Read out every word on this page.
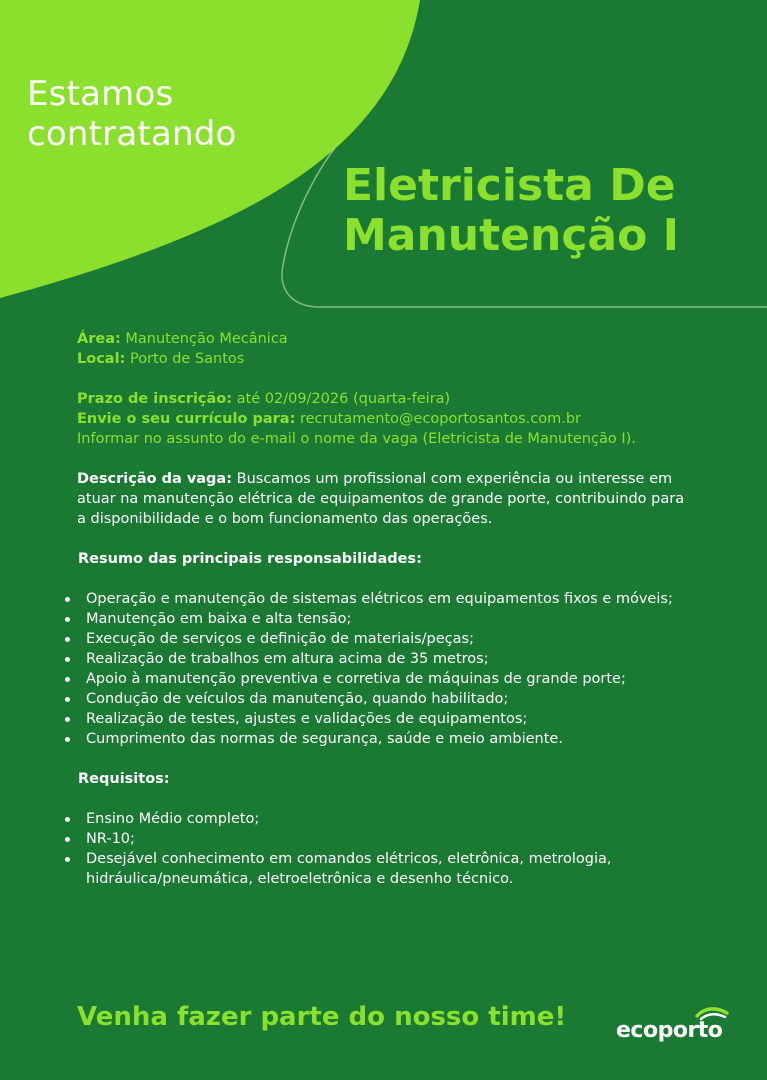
Estamos
contratando
Eletricista De
Manutenção I
Área: Manutenção Mecânica
Local: Porto de Santos
Prazo de inscrição: até 02/09/2026 (quarta-feira)
Envie o seu currículo para: recrutamento@ecoportosantos.com.br
Informar no assunto do e-mail o nome da vaga (Eletricista de Manutenção I).
Descrição da vaga: Buscamos um profissional com experiência ou interesse em atuar na manutenção elétrica de equipamentos de grande porte, contribuindo para a disponibilidade e o bom funcionamento das operações.
Resumo das principais responsabilidades:
Operação e manutenção de sistemas elétricos em equipamentos fixos e móveis;
Manutenção em baixa e alta tensão;
Execução de serviços e definição de materiais/peças;
Realização de trabalhos em altura acima de 35 metros;
Apoio à manutenção preventiva e corretiva de máquinas de grande porte;
Condução de veículos da manutenção, quando habilitado;
Realização de testes, ajustes e validações de equipamentos;
Cumprimento das normas de segurança, saúde e meio ambiente.
Requisitos:
Ensino Médio completo;
NR-10;
Desejável conhecimento em comandos elétricos, eletrônica, metrologia, hidráulica/pneumática, eletroeletrônica e desenho técnico.
Venha fazer parte do nosso time! ecoporto
